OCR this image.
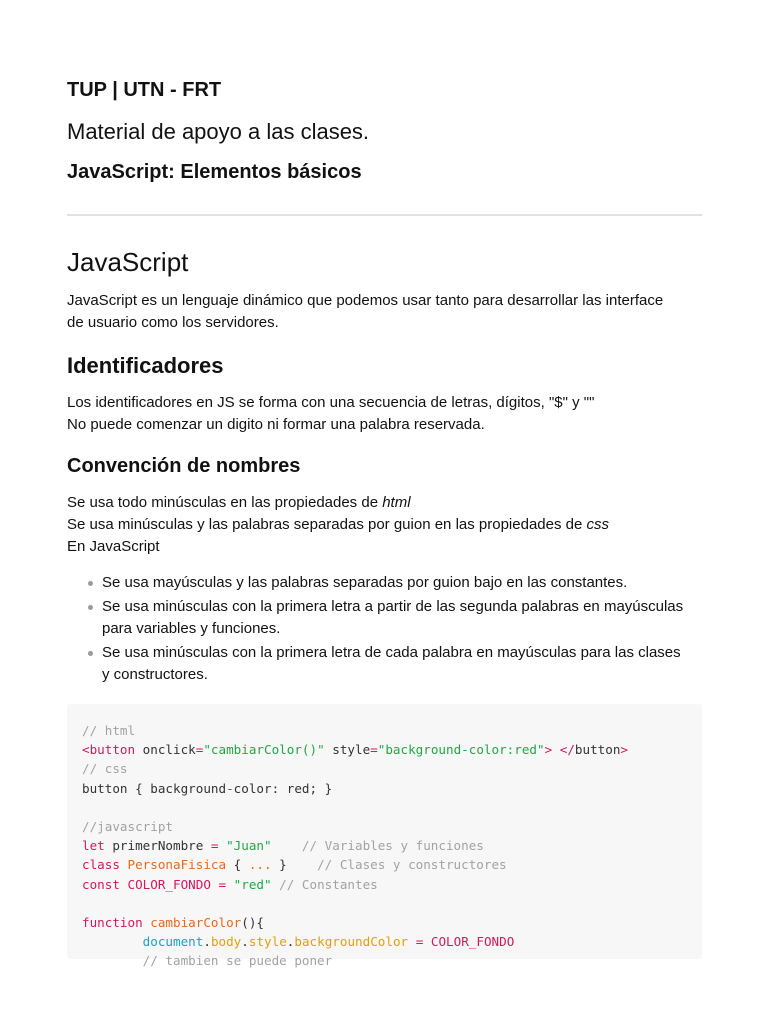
TUP | UTN - FRT
Material de apoyo a las clases.
JavaScript: Elementos básicos
JavaScript

JavaScript es un lenguaje dinámico que podemos usar tanto para desarrollar las interface
de usuario como los servidores.

Identificadores

Los identificadores en JS se forma con una secuencia de letras, dígitos, "$" y ""
No puede comenzar un digito ni formar una palabra reservada.

Convención de nombres

Se usa todo minúsculas en las propiedades de html
Se usa minúsculas y las palabras separadas por guion en las propiedades de css
En JavaScript

Se usa mayúsculas y las palabras separadas por guion bajo en las constantes.
Se usa minúsculas con la primera letra a partir de las segunda palabras en mayúsculas
para variables y funciones.
Se usa minúsculas con la primera letra de cada palabra en mayúsculas para las clases
y constructores.
// html
<button onclick="cambiarColor()" style="background-color:red"> </button>
// css
button { background-color: red; }
//javascript
let primerNombre = "Juan"    // Variables y funciones
class PersonaFisica { ... }    // Clases y constructores
const COLOR_FONDO = "red" // Constantes
function cambiarColor(){
document.body.style.backgroundColor = COLOR_FONDO
// tambien se puede poner
